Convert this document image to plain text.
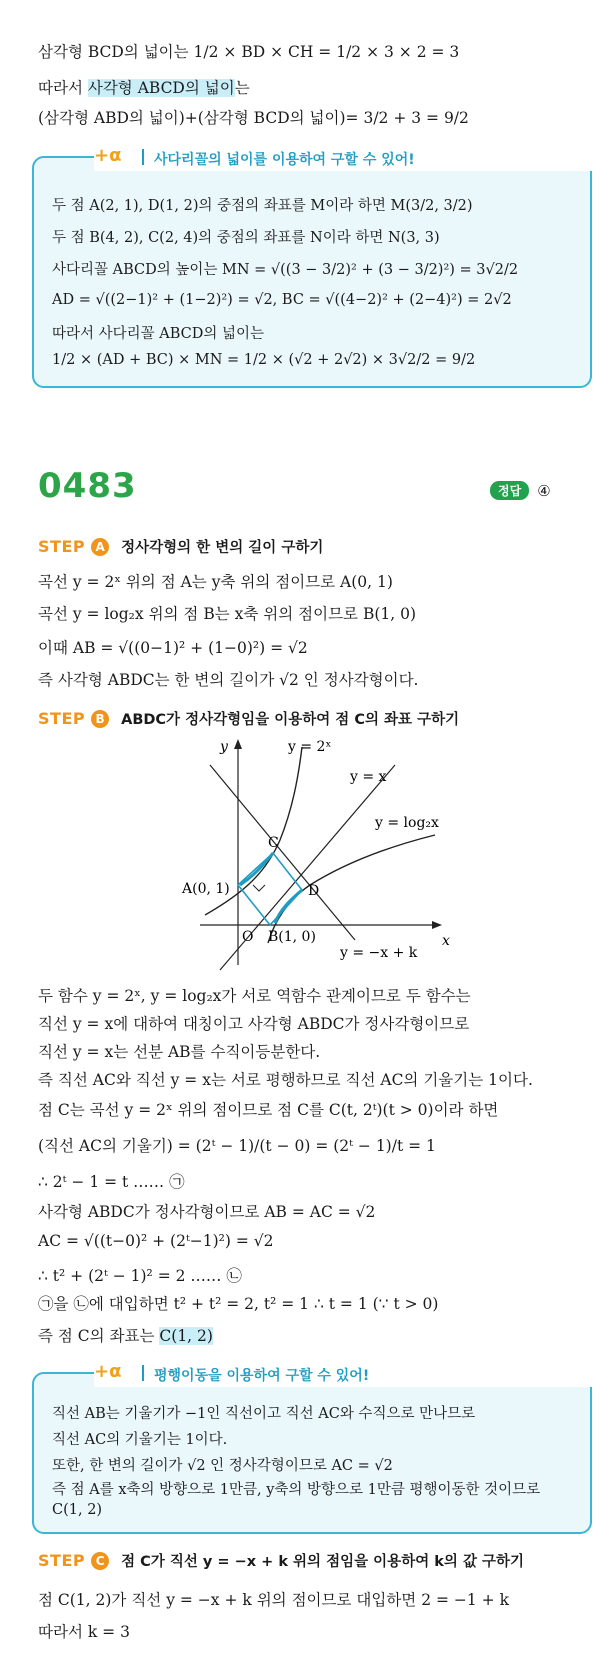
삼각형 BCD의 넓이는 1/2 × BD × CH = 1/2 × 3 × 2 = 3
따라서 사각형 ABCD의 넓이는
(삼각형 ABD의 넓이)+(삼각형 BCD의 넓이)= 3/2 + 3 = 9/2
+α 사다리꼴의 넓이를 이용하여 구할 수 있어!
두 점 A(2, 1), D(1, 2)의 중점의 좌표를 M이라 하면 M(3/2, 3/2)
두 점 B(4, 2), C(2, 4)의 중점의 좌표를 N이라 하면 N(3, 3)
사다리꼴 ABCD의 높이는 MN = √((3 − 3/2)² + (3 − 3/2)²) = 3√2/2
AD = √((2−1)² + (1−2)²) = √2, BC = √((4−2)² + (2−4)²) = 2√2
따라서 사다리꼴 ABCD의 넓이는
1/2 × (AD + BC) × MN = 1/2 × (√2 + 2√2) × 3√2/2 = 9/2
0483	정답	④
STEP A	정사각형의 한 변의 길이 구하기
곡선 y = 2ˣ 위의 점 A는 y축 위의 점이므로 A(0, 1)
곡선 y = log₂x 위의 점 B는 x축 위의 점이므로 B(1, 0)
이때 AB = √((0−1)² + (1−0)²) = √2
즉 사각형 ABDC는 한 변의 길이가 √2 인 정사각형이다.
STEP B	ABDC가 정사각형임을 이용하여 점 C의 좌표 구하기
y
x
y = 2ˣ
y = x
y = log₂x
y = −x + k
A(0, 1)
C
D
B(1, 0)
O
두 함수 y = 2ˣ, y = log₂x가 서로 역함수 관계이므로 두 함수는
직선 y = x에 대하여 대칭이고 사각형 ABDC가 정사각형이므로
직선 y = x는 선분 AB를 수직이등분한다.
즉 직선 AC와 직선 y = x는 서로 평행하므로 직선 AC의 기울기는 1이다.
점 C는 곡선 y = 2ˣ 위의 점이므로 점 C를 C(t, 2ᵗ)(t > 0)이라 하면
(직선 AC의 기울기) = (2ᵗ − 1)/(t − 0) = (2ᵗ − 1)/t = 1
∴ 2ᵗ − 1 = t …… ㉠
사각형 ABDC가 정사각형이므로 AB = AC = √2
AC = √((t−0)² + (2ᵗ−1)²) = √2
∴ t² + (2ᵗ − 1)² = 2 …… ㉡
㉠을 ㉡에 대입하면 t² + t² = 2, t² = 1 ∴ t = 1 (∵ t > 0)
즉 점 C의 좌표는 C(1, 2)
+α 평행이동을 이용하여 구할 수 있어!
직선 AB는 기울기가 −1인 직선이고 직선 AC와 수직으로 만나므로
직선 AC의 기울기는 1이다.
또한, 한 변의 길이가 √2 인 정사각형이므로 AC = √2
즉 점 A를 x축의 방향으로 1만큼, y축의 방향으로 1만큼 평행이동한 것이므로
C(1, 2)
STEP C	점 C가 직선 y = −x + k 위의 점임을 이용하여 k의 값 구하기
점 C(1, 2)가 직선 y = −x + k 위의 점이므로 대입하면 2 = −1 + k
따라서 k = 3
